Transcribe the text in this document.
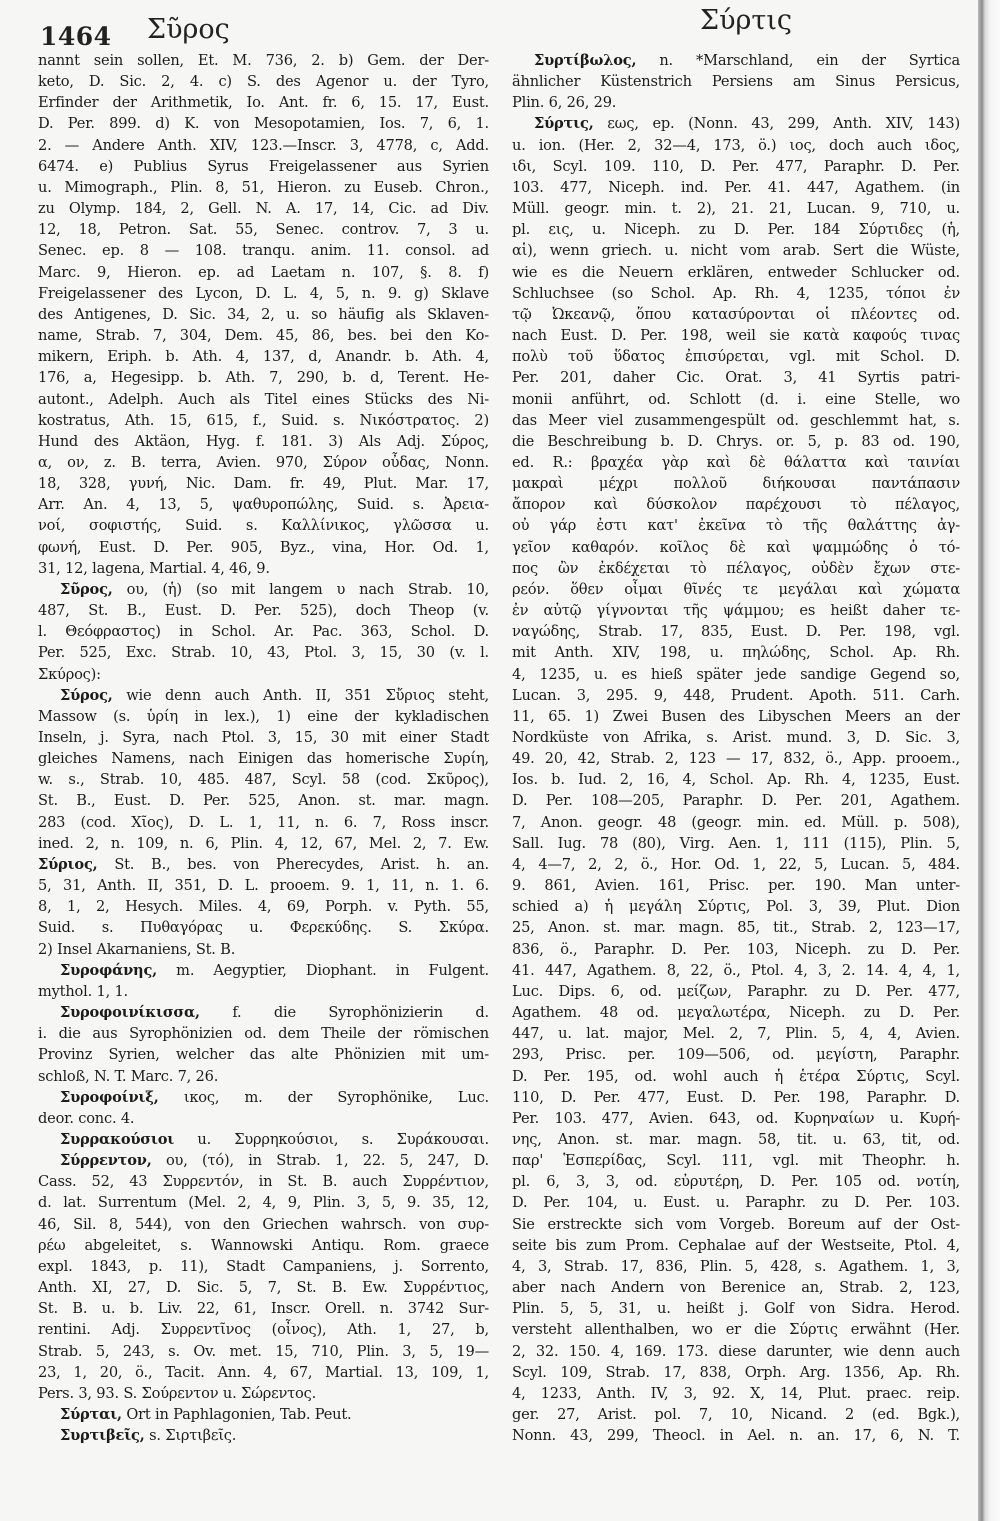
1464 Σῦρος	Σύρτις
nannt sein sollen, Et. M. 736, 2. b) Gem. der Der-
keto, D. Sic. 2, 4. c) S. des Agenor u. der Tyro,
Erfinder der Arithmetik, Io. Ant. fr. 6, 15. 17, Eust.
D. Per. 899. d) K. von Mesopotamien, Ios. 7, 6, 1.
2. — Andere Anth. XIV, 123.—Inscr. 3, 4778, c, Add.
6474. e) Publius Syrus Freigelassener aus Syrien
u. Mimograph., Plin. 8, 51, Hieron. zu Euseb. Chron.,
zu Olymp. 184, 2, Gell. N. A. 17, 14, Cic. ad Div.
12, 18, Petron. Sat. 55, Senec. controv. 7, 3 u.
Senec. ep. 8 — 108. tranqu. anim. 11. consol. ad
Marc. 9, Hieron. ep. ad Laetam n. 107, §. 8. f)
Freigelassener des Lycon, D. L. 4, 5, n. 9. g) Sklave
des Antigenes, D. Sic. 34, 2, u. so häufig als Sklaven-
name, Strab. 7, 304, Dem. 45, 86, bes. bei den Ko-
mikern, Eriph. b. Ath. 4, 137, d, Anandr. b. Ath. 4,
176, a, Hegesipp. b. Ath. 7, 290, b. d, Terent. He-
autont., Adelph. Auch als Titel eines Stücks des Ni-
kostratus, Ath. 15, 615, f., Suid. s. Νικόστρατος. 2)
Hund des Aktäon, Hyg. f. 181. 3) Als Adj. Σύρος,
α, ον, z. B. terra, Avien. 970, Σύρον οὖδας, Nonn.
18, 328, γυνή, Nic. Dam. fr. 49, Plut. Mar. 17,
Arr. An. 4, 13, 5, ψαθυροπώλης, Suid. s. Ἀρεια-
νοί, σοφιστής, Suid. s. Καλλίνικος, γλῶσσα u.
φωνή, Eust. D. Per. 905, Byz., vina, Hor. Od. 1,
31, 12, lagena, Martial. 4, 46, 9.
Σῦρος, ου, (ἡ) (so mit langem υ nach Strab. 10,
487, St. B., Eust. D. Per. 525), doch Theop (v.
l. Θεόφραστος) in Schol. Ar. Pac. 363, Schol. D.
Per. 525, Exc. Strab. 10, 43, Ptol. 3, 15, 30 (v. l.
Σκύρος):
Σύρος, wie denn auch Anth. II, 351 Σὔριος steht,
Massow (s. ὑρίη in lex.), 1) eine der kykladischen
Inseln, j. Syra, nach Ptol. 3, 15, 30 mit einer Stadt
gleiches Namens, nach Einigen das homerische Συρίη,
w. s., Strab. 10, 485. 487, Scyl. 58 (cod. Σκῦρος),
St. B., Eust. D. Per. 525, Anon. st. mar. magn.
283 (cod. Χῖος), D. L. 1, 11, n. 6. 7, Ross inscr.
ined. 2, n. 109, n. 6, Plin. 4, 12, 67, Mel. 2, 7. Ew.
Σύριος, St. B., bes. von Pherecydes, Arist. h. an.
5, 31, Anth. II, 351, D. L. prooem. 9. 1, 11, n. 1. 6.
8, 1, 2, Hesych. Miles. 4, 69, Porph. v. Pyth. 55,
Suid. s. Πυθαγόρας u. Φερεκύδης. S. Σκύρα.
2) Insel Akarnaniens, St. B.
Συροφάνης, m. Aegyptier, Diophant. in Fulgent.
mythol. 1, 1.
Συροφοινίκισσα, f. die Syrophönizierin d.
i. die aus Syrophönizien od. dem Theile der römischen
Provinz Syrien, welcher das alte Phönizien mit um-
schloß, N. T. Marc. 7, 26.
Συροφοίνιξ, ικος, m. der Syrophönike, Luc.
deor. conc. 4.
Συρρακούσιοι u. Συρρηκούσιοι, s. Συράκουσαι.
Σύρρεντον, ου, (τό), in Strab. 1, 22. 5, 247, D.
Cass. 52, 43 Συρρεντόν, in St. B. auch Συρρέντιον,
d. lat. Surrentum (Mel. 2, 4, 9, Plin. 3, 5, 9. 35, 12,
46, Sil. 8, 544), von den Griechen wahrsch. von συρ-
ρέω abgeleitet, s. Wannowski Antiqu. Rom. graece
expl. 1843, p. 11), Stadt Campaniens, j. Sorrento,
Anth. XI, 27, D. Sic. 5, 7, St. B. Ew. Συρρέντιος,
St. B. u. b. Liv. 22, 61, Inscr. Orell. n. 3742 Sur-
rentini. Adj. Συρρεντῖνος (οἶνος), Ath. 1, 27, b,
Strab. 5, 243, s. Ov. met. 15, 710, Plin. 3, 5, 19—
23, 1, 20, ö., Tacit. Ann. 4, 67, Martial. 13, 109, 1,
Pers. 3, 93. S. Σούρεντον u. Σώρεντος.
Σύρται, Ort in Paphlagonien, Tab. Peut.
Συρτιβεῖς, s. Σιρτιβεῖς.
Συρτίβωλος, n. *Marschland, ein der Syrtica
ähnlicher Küstenstrich Persiens am Sinus Persicus,
Plin. 6, 26, 29.
Σύρτις, εως, ep. (Nonn. 43, 299, Anth. XIV, 143)
u. ion. (Her. 2, 32—4, 173, ö.) ιος, doch auch ιδος,
ιδι, Scyl. 109. 110, D. Per. 477, Paraphr. D. Per.
103. 477, Niceph. ind. Per. 41. 447, Agathem. (in
Müll. geogr. min. t. 2), 21. 21, Lucan. 9, 710, u.
pl. εις, u. Niceph. zu D. Per. 184 Σύρτιδες (ἡ,
αἱ), wenn griech. u. nicht vom arab. Sert die Wüste,
wie es die Neuern erklären, entweder Schlucker od.
Schluchsee (so Schol. Ap. Rh. 4, 1235, τόποι ἐν
τῷ Ὠκεανῷ, ὅπου κατασύρονται οἱ πλέοντες od.
nach Eust. D. Per. 198, weil sie κατὰ καφούς τινας
πολὺ τοῦ ὕδατος ἐπισύρεται, vgl. mit Schol. D.
Per. 201, daher Cic. Orat. 3, 41 Syrtis patri-
monii anführt, od. Schlott (d. i. eine Stelle, wo
das Meer viel zusammengespült od. geschlemmt hat, s.
die Beschreibung b. D. Chrys. or. 5, p. 83 od. 190,
ed. R.: βραχέα γὰρ καὶ δὲ θάλαττα καὶ ταινίαι
μακραὶ μέχρι πολλοῦ διήκουσαι παντάπασιν
ἄπορον καὶ δύσκολον παρέχουσι τὸ πέλαγος,
οὐ γάρ ἐστι κατ' ἐκεῖνα τὸ τῆς θαλάττης ἀγ-
γεῖον καθαρόν. κοῖλος δὲ καὶ ψαμμώδης ὁ τό-
πος ὢν ἐκδέχεται τὸ πέλαγος, οὐδὲν ἔχων στε-
ρεόν. ὅθεν οἶμαι θῖνές τε μεγάλαι καὶ χώματα
ἐν αὐτῷ γίγνονται τῆς ψάμμου; es heißt daher τε-
ναγώδης, Strab. 17, 835, Eust. D. Per. 198, vgl.
mit Anth. XIV, 198, u. πηλώδης, Schol. Ap. Rh.
4, 1235, u. es hieß später jede sandige Gegend so,
Lucan. 3, 295. 9, 448, Prudent. Apoth. 511. Carh.
11, 65. 1) Zwei Busen des Libyschen Meers an der
Nordküste von Afrika, s. Arist. mund. 3, D. Sic. 3,
49. 20, 42, Strab. 2, 123 — 17, 832, ö., App. prooem.,
Ios. b. Iud. 2, 16, 4, Schol. Ap. Rh. 4, 1235, Eust.
D. Per. 108—205, Paraphr. D. Per. 201, Agathem.
7, Anon. geogr. 48 (geogr. min. ed. Müll. p. 508),
Sall. Iug. 78 (80), Virg. Aen. 1, 111 (115), Plin. 5,
4, 4—7, 2, 2, ö., Hor. Od. 1, 22, 5, Lucan. 5, 484.
9. 861, Avien. 161, Prisc. per. 190. Man unter-
schied a) ἡ μεγάλη Σύρτις, Pol. 3, 39, Plut. Dion
25, Anon. st. mar. magn. 85, tit., Strab. 2, 123—17,
836, ö., Paraphr. D. Per. 103, Niceph. zu D. Per.
41. 447, Agathem. 8, 22, ö., Ptol. 4, 3, 2. 14. 4, 4, 1,
Luc. Dips. 6, od. μείζων, Paraphr. zu D. Per. 477,
Agathem. 48 od. μεγαλωτέρα, Niceph. zu D. Per.
447, u. lat. major, Mel. 2, 7, Plin. 5, 4, 4, Avien.
293, Prisc. per. 109—506, od. μεγίστη, Paraphr.
D. Per. 195, od. wohl auch ἡ ἑτέρα Σύρτις, Scyl.
110, D. Per. 477, Eust. D. Per. 198, Paraphr. D.
Per. 103. 477, Avien. 643, od. Κυρηναίων u. Κυρή-
νης, Anon. st. mar. magn. 58, tit. u. 63, tit, od.
παρ' Ἑσπερίδας, Scyl. 111, vgl. mit Theophr. h.
pl. 6, 3, 3, od. εὐρυτέρη, D. Per. 105 od. νοτίη,
D. Per. 104, u. Eust. u. Paraphr. zu D. Per. 103.
Sie erstreckte sich vom Vorgeb. Boreum auf der Ost-
seite bis zum Prom. Cephalae auf der Westseite, Ptol. 4,
4, 3, Strab. 17, 836, Plin. 5, 428, s. Agathem. 1, 3,
aber nach Andern von Berenice an, Strab. 2, 123,
Plin. 5, 5, 31, u. heißt j. Golf von Sidra. Herod.
versteht allenthalben, wo er die Σύρτις erwähnt (Her.
2, 32. 150. 4, 169. 173. diese darunter, wie denn auch
Scyl. 109, Strab. 17, 838, Orph. Arg. 1356, Ap. Rh.
4, 1233, Anth. IV, 3, 92. X, 14, Plut. praec. reip.
ger. 27, Arist. pol. 7, 10, Nicand. 2 (ed. Bgk.),
Nonn. 43, 299, Theocl. in Ael. n. an. 17, 6, N. T.
